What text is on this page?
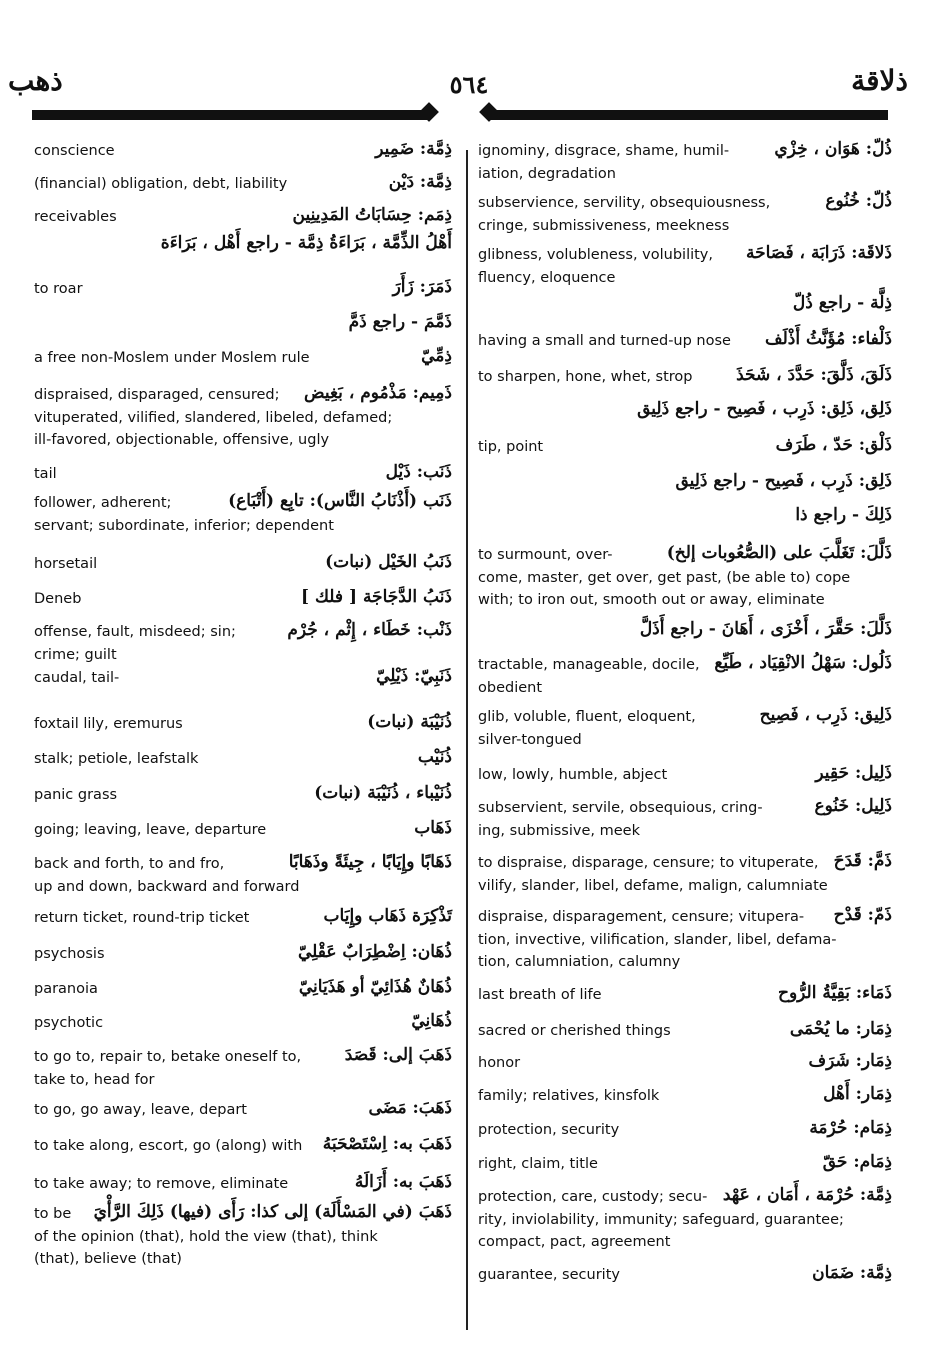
ذهب	٥٦٤	ذلاقة
ذِمَّة: ضَمِير
conscience
ذِمَّة: دَيْن
(financial) obligation, debt, liability
ذِمَم: حِسَابَاتُ المَدِينِين
receivables
أَهْلُ الذِّمَّة ، بَرَاءَةُ ذِمَّة - راجع أَهْل ، بَرَاءَة
ذَمَرَ: زَأَرَ
to roar
ذَمَّمَ - راجع ذَمَّ
ذِمِّيّ
a free non-Moslem under Moslem rule
ذَمِيم: مَذْمُوم ، بَغِيض
dispraised, disparaged, censured;
vituperated, vilified, slandered, libeled, defamed;
ill-favored, objectionable, offensive, ugly
ذَنَب: ذَيْل
tail
ذَنَب (أَذْنَابُ النَّاس): تابِع (أَتْبَاع)
follower, adherent;
servant; subordinate, inferior; dependent
ذَنَبُ الخَيْل (نبات)
horsetail
ذَنَبُ الدَّجَاجَة [ فلك ]
Deneb
ذَنْب: خَطَاء ، إِثْم ، جُرْم
offense, fault, misdeed; sin;
crime; guilt
ذَنَبِيّ: ذَيْلِيّ
caudal, tail-
ذُنَيْبَة (نبات)
foxtail lily, eremurus
ذُنَيْب
stalk; petiole, leafstalk
ذُنَيْباء ، ذُنَيْبَة (نبات)
panic grass
ذَهَاب
going; leaving, leave, departure
ذَهَابًا وإِيَابًا ، جِيئَةً وذَهَابًا
back and forth, to and fro,
up and down, backward and forward
تَذْكِرَة ذَهَاب وإِيَاب
return ticket, round-trip ticket
ذُهَان: اِضْطِرَابٌ عَقْلِيّ
psychosis
ذُهَانٌ هُذَائِيّ أو هَذَيَانِيّ
paranoia
ذُهَانِيّ
psychotic
ذَهَبَ إلى: قَصَدَ
to go to, repair to, betake oneself to,
take to, head for
ذَهَبَ: مَضَى
to go, go away, leave, depart
ذَهَبَ به: اِسْتَصْحَبَهُ
to take along, escort, go (along) with
ذَهَبَ به: أَزَالَهُ
to take away; to remove, eliminate
ذَهَبَ (في المَسْأَلَة) إلى كذا: رَأَى (فيها) ذَلِكَ الرَّأْيَ
to be
of the opinion (that), hold the view (that), think
(that), believe (that)
ذُلّ: هَوَان ، خِزْي
ignominy, disgrace, shame, humil-
iation, degradation
ذُلّ: خُنُوع
subservience, servility, obsequiousness,
cringe, submissiveness, meekness
ذَلاقَة: ذَرَابَة ، فَصَاحَة
glibness, volubleness, volubility,
fluency, eloquence
ذِلَّة - راجع ذُلّ
ذَلْفاء: مُؤَنَّثُ أَذْلَف
having a small and turned-up nose
ذَلَقَ، ذَلَّقَ: حَدَّدَ ، شَحَذَ
to sharpen, hone, whet, strop
ذَلِق، ذَلِق: ذَرِب ، فَصِيح - راجع ذَلِيق
ذَلْق: حَدّ ، طَرَف
tip, point
ذَلِق: ذَرِب ، فَصِيح - راجع ذَلِيق
ذَلِكَ - راجع ذا
ذَلَّلَ: تَغَلَّبَ على (الصُّعُوبات إلخ)
to surmount, over-
come, master, get over, get past, (be able to) cope
with; to iron out, smooth out or away, eliminate
ذَلَّلَ: حَقَّرَ ، أَخْزَى ، أَهَانَ - راجع أَذَلَّ
ذَلُول: سَهْلُ الانْقِيَاد ، طَيِّع
tractable, manageable, docile,
obedient
ذَلِيق: ذَرِب ، فَصِيح
glib, voluble, fluent, eloquent,
silver-tongued
ذَلِيل: حَقِير
low, lowly, humble, abject
ذَلِيل: خَنُوع
subservient, servile, obsequious, cring-
ing, submissive, meek
ذَمَّ: قَدَحَ
to dispraise, disparage, censure; to vituperate,
vilify, slander, libel, defame, malign, calumniate
ذَمّ: قَدْح
dispraise, disparagement, censure; vitupera-
tion, invective, vilification, slander, libel, defama-
tion, calumniation, calumny
ذَمَاء: بَقِيَّةُ الرُّوح
last breath of life
ذِمَار: ما يُحْمَى
sacred or cherished things
ذِمَار: شَرَف
honor
ذِمَار: أَهْل
family; relatives, kinsfolk
ذِمَام: حُرْمَة
protection, security
ذِمَام: حَقّ
right, claim, title
ذِمَّة: حُرْمَة ، أَمَان ، عَهْد
protection, care, custody; secu-
rity, inviolability, immunity; safeguard, guarantee;
compact, pact, agreement
ذِمَّة: ضَمَان
guarantee, security
